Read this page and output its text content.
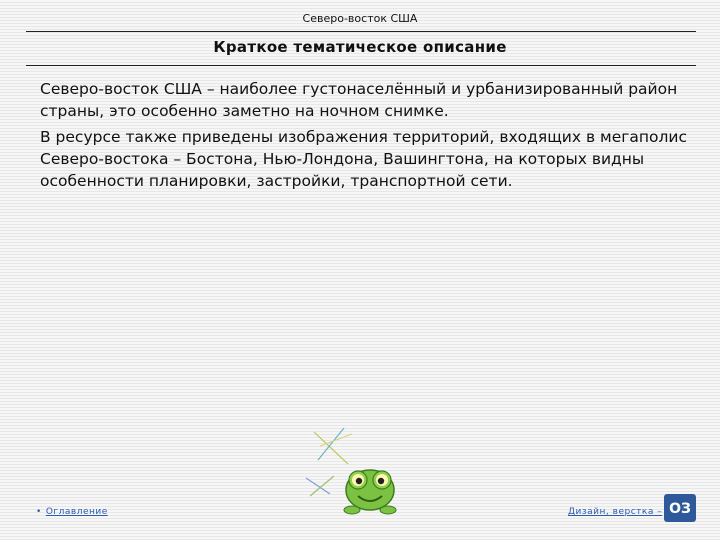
Северо-восток США
Краткое тематическое описание

Северо-восток США – наиболее густонаселённый и урбанизированный район страны, это особенно заметно на ночном снимке.

В ресурсе также приведены изображения территорий, входящих в мегаполис Северо-востока – Бостона, Нью-Лондона, Вашингтона, на которых видны особенности планировки, застройки, транспортной сети.

• Оглавление	Дизайн, верстка – ОЗ
